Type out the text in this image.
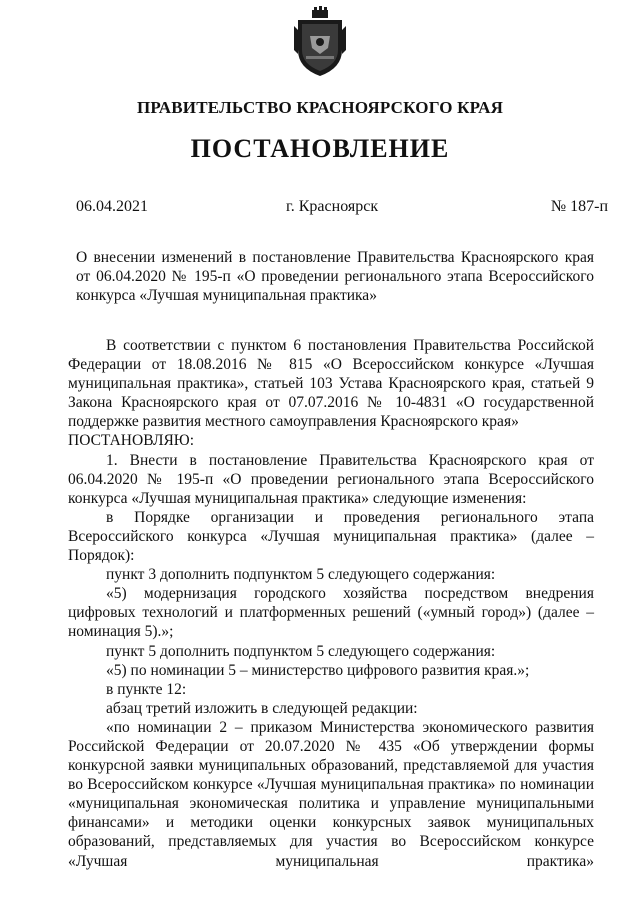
ПРАВИТЕЛЬСТВО КРАСНОЯРСКОГО КРАЯ
ПОСТАНОВЛЕНИЕ
06.04.2021	г. Красноярск	№ 187-п
О внесении изменений в постановление Правительства Красноярского края от 06.04.2020 № 195-п «О проведении регионального этапа Всероссийского конкурса «Лучшая муниципальная практика»

В соответствии с пунктом 6 постановления Правительства Российской Федерации от 18.08.2016 № 815 «О Всероссийском конкурсе «Лучшая муниципальная практика», статьей 103 Устава Красноярского края, статьей 9 Закона Красноярского края от 07.07.2016 № 10-4831 «О государственной поддержке развития местного самоуправления Красноярского края»

ПОСТАНОВЛЯЮ:

1. Внести в постановление Правительства Красноярского края от 06.04.2020 № 195-п «О проведении регионального этапа Всероссийского конкурса «Лучшая муниципальная практика» следующие изменения:

в Порядке организации и проведения регионального этапа Всероссийского конкурса «Лучшая муниципальная практика» (далее – Порядок):

пункт 3 дополнить подпунктом 5 следующего содержания:

«5) модернизация городского хозяйства посредством внедрения цифровых технологий и платформенных решений («умный город») (далее – номинация 5).»;

пункт 5 дополнить подпунктом 5 следующего содержания:

«5) по номинации 5 – министерство цифрового развития края.»;

в пункте 12:

абзац третий изложить в следующей редакции:

«по номинации 2 – приказом Министерства экономического развития Российской Федерации от 20.07.2020 № 435 «Об утверждении формы конкурсной заявки муниципальных образований, представляемой для участия во Всероссийском конкурсе «Лучшая муниципальная практика» по номинации «муниципальная экономическая политика и управление муниципальными финансами» и методики оценки конкурсных заявок муниципальных образований, представляемых для участия во Всероссийском конкурсе «Лучшая муниципальная практика»
